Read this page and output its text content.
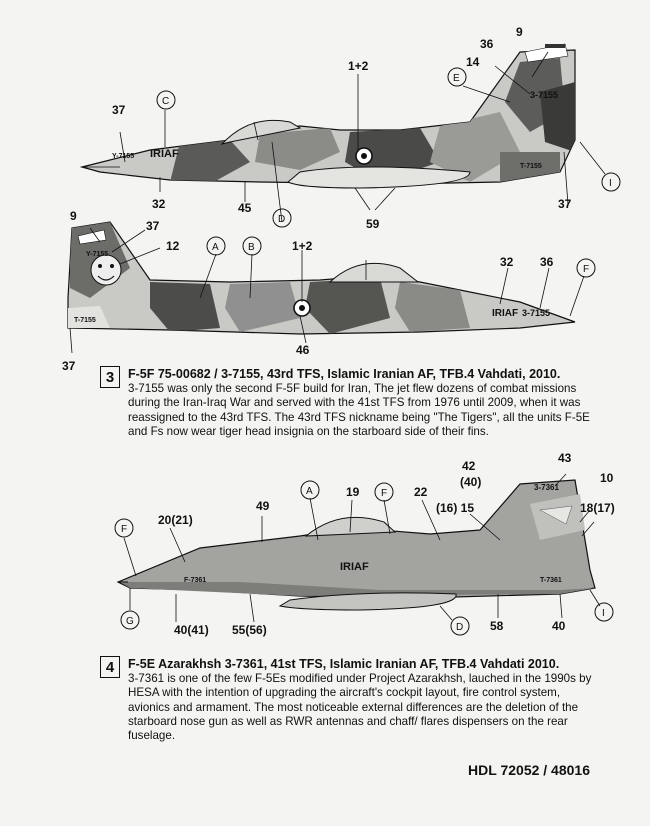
IRIAF
Y-7155
3-7155
T-7155
9
36
14
1+2
37
32	45
59
37
C
E
D
I
IRIAF 3-7155
Y-7155
T-7155
9
37
12	1+2
32 36
46
37
A	B
F
3	F-5F 75-00682 / 3-7155, 43rd TFS, Islamic Iranian AF, TFB.4 Vahdati, 2010.
3-7155 was only the second F-5F build for Iran, The jet flew dozens of combat missions during the Iran-Iraq War and served with the 41st TFS from 1976 until 2009, when it was reassigned to the 43rd TFS. The 43rd TFS nickname being "The Tigers", all the units F-5E and Fs now wear tiger head insignia on the starboard side of their fins.
IRIAF
3-7361
F-7361	T-7361
42
(40)
43
10
18(17)
49
19	22
(16) 15
20(21)
40(41) 55(56)	58	40
A	F
F
G
D
I
4	F-5E Azarakhsh 3-7361, 41st TFS, Islamic Iranian AF, TFB.4 Vahdati 2010.
3-7361 is one of the few F-5Es modified under Project Azarakhsh, lauched in the 1990s by HESA with the intention of upgrading the aircraft's cockpit layout, fire control system, avionics and armament. The most noticeable external differences are the deletion of the starboard nose gun as well as RWR antennas and chaff/ flares dispensers on the rear fuselage.
HDL 72052 / 48016
